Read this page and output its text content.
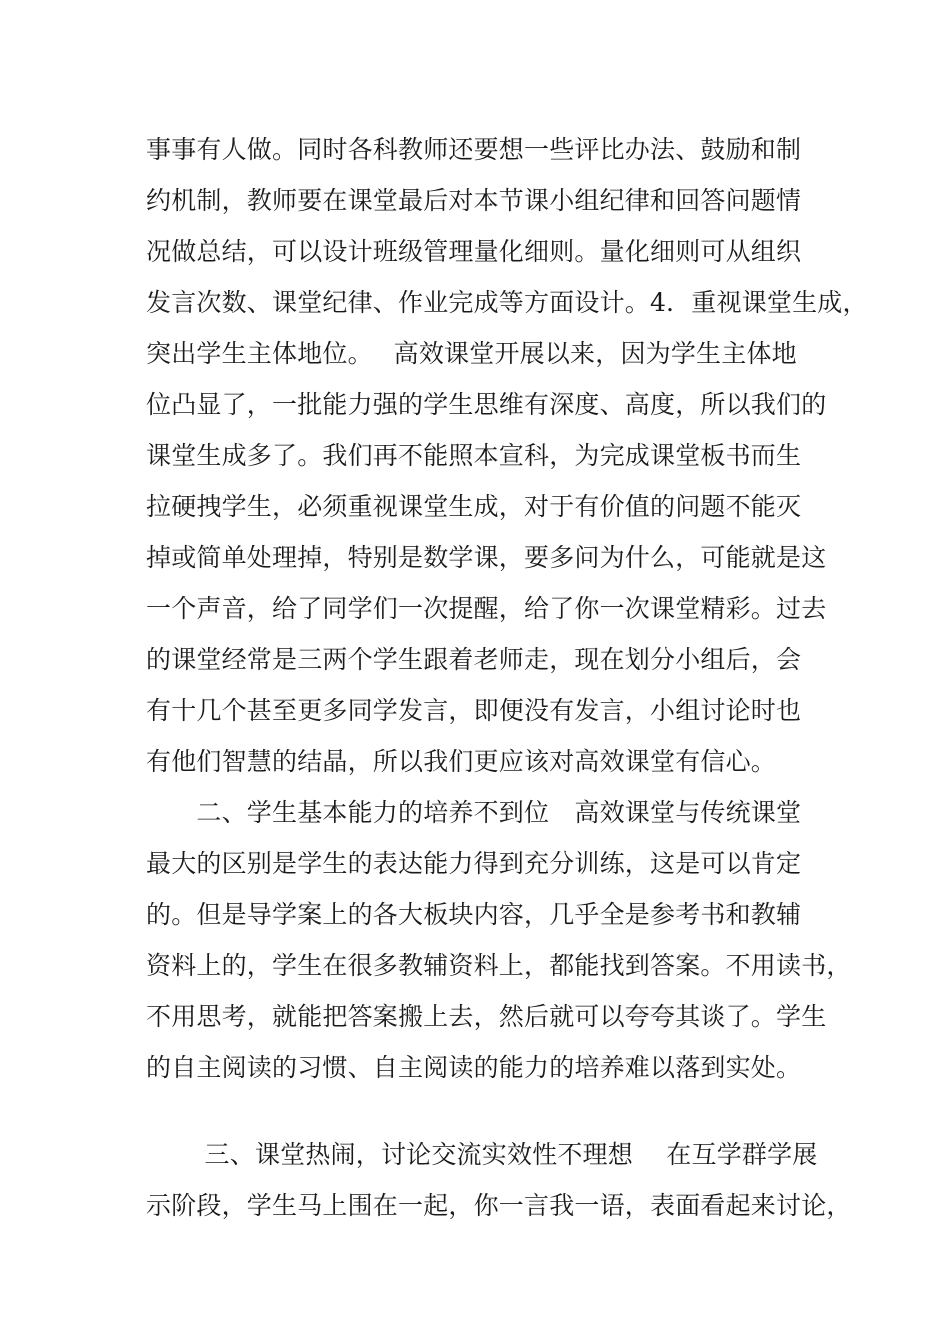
事事有人做。同时各科教师还要想一些评比办法、鼓励和制
约机制，教师要在课堂最后对本节课小组纪律和回答问题情
况做总结，可以设计班级管理量化细则。量化细则可从组织
发言次数、课堂纪律、作业完成等方面设计。4．重视课堂生成，
突出学生主体地位。　 高效课堂开展以来，因为学生主体地
位凸显了，一批能力强的学生思维有深度、高度，所以我们的
课堂生成多了。我们再不能照本宣科，为完成课堂板书而生
拉硬拽学生，必须重视课堂生成，对于有价值的问题不能灭
掉或简单处理掉，特别是数学课，要多问为什么，可能就是这
一个声音，给了同学们一次提醒，给了你一次课堂精彩。过去
的课堂经常是三两个学生跟着老师走，现在划分小组后，会
有十几个甚至更多同学发言，即便没有发言，小组讨论时也
有他们智慧的结晶，所以我们更应该对高效课堂有信心。
　　二、学生基本能力的培养不到位　高效课堂与传统课堂
最大的区别是学生的表达能力得到充分训练，这是可以肯定
的。但是导学案上的各大板块内容，几乎全是参考书和教辅
资料上的，学生在很多教辅资料上，都能找到答案。不用读书，
不用思考，就能把答案搬上去，然后就可以夸夸其谈了。学生
的自主阅读的习惯、自主阅读的能力的培养难以落到实处。
　　 三、课堂热闹，讨论交流实效性不理想　 在互学群学展
示阶段，学生马上围在一起，你一言我一语，表面看起来讨论，
